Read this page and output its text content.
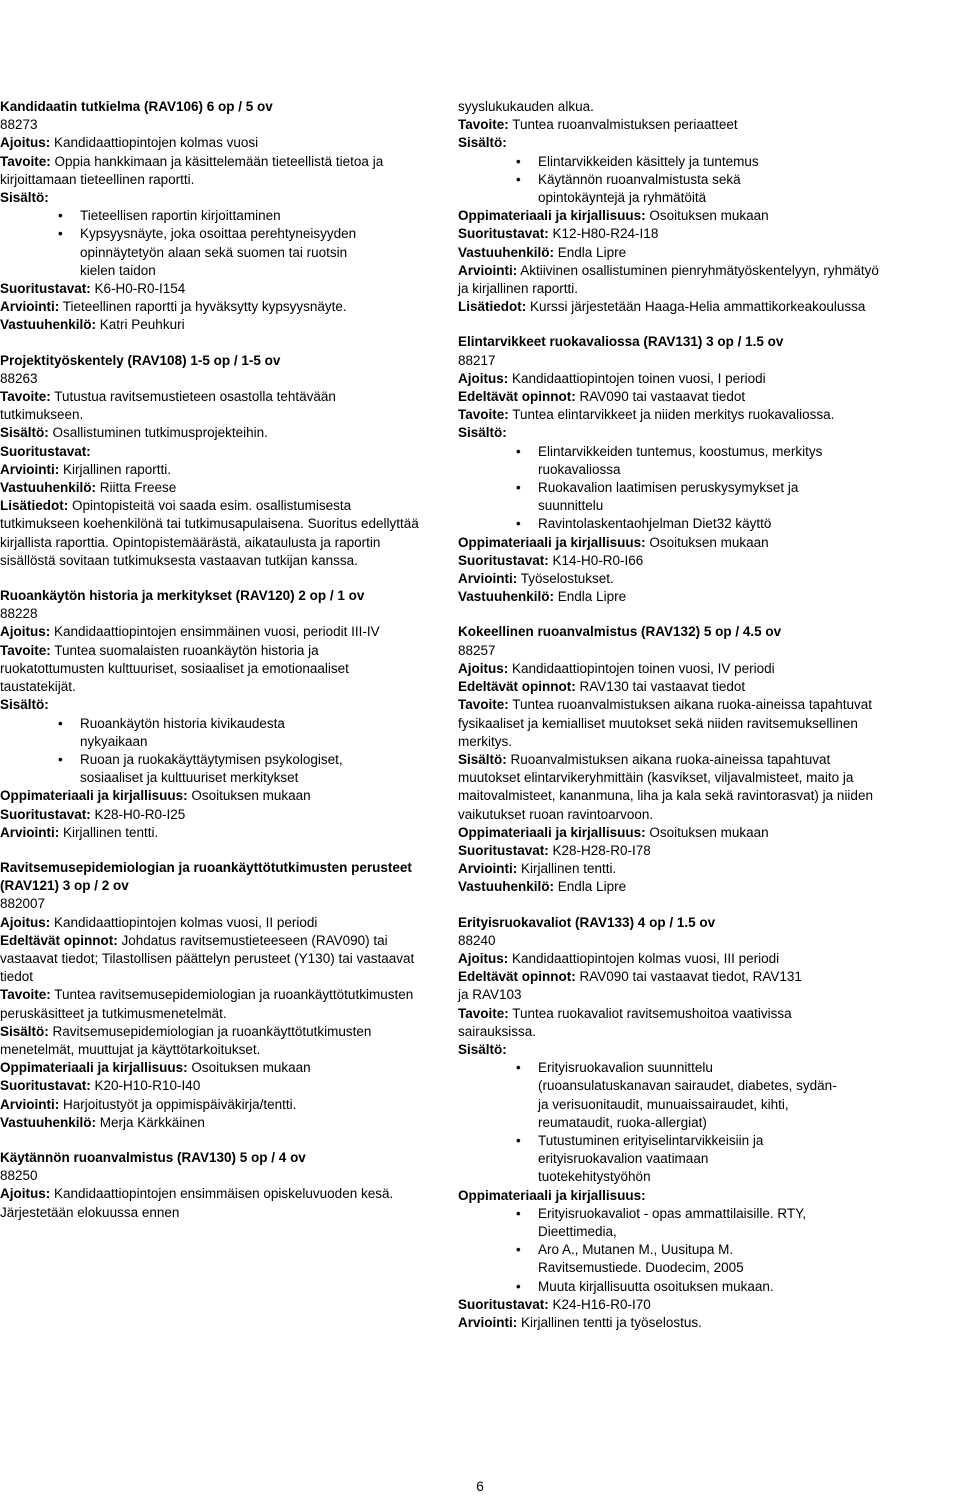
MM,Opinto-opas 2010-2011
Ravitsemustiede

Kandidaatin tutkielma (RAV106) 6 op / 5 ov

88273

Ajoitus: Kandidaattiopintojen kolmas vuosi

Tavoite: Oppia hankkimaan ja käsittelemään tieteellistä tietoa ja kirjoittamaan tieteellinen raportti.

Sisältö:

• Tieteellisen raportin kirjoittaminen
• Kypsyysnäyte, joka osoittaa perehtyneisyyden opinnäytetyön alaan sekä suomen tai ruotsin kielen taidon

Suoritustavat: K6-H0-R0-I154

Arviointi: Tieteellinen raportti ja hyväksytty kypsyysnäyte.

Vastuuhenkilö: Katri Peuhkuri

Projektityöskentely (RAV108) 1-5 op / 1-5 ov

88263

Tavoite: Tutustua ravitsemustieteen osastolla tehtävään tutkimukseen.

Sisältö: Osallistuminen tutkimusprojekteihin.

Suoritustavat:

Arviointi: Kirjallinen raportti.

Vastuuhenkilö: Riitta Freese

Lisätiedot: Opintopisteitä voi saada esim. osallistumisesta tutkimukseen koehenkilönä tai tutkimusapulaisena. Suoritus edellyttää kirjallista raporttia. Opintopistemäärästä, aikataulusta ja raportin sisällöstä sovitaan tutkimuksesta vastaavan tutkijan kanssa.

Ruoankäytön historia ja merkitykset (RAV120) 2 op / 1 ov

88228

Ajoitus: Kandidaattiopintojen ensimmäinen vuosi, periodit III-IV

Tavoite: Tuntea suomalaisten ruoankäytön historia ja ruokatottumusten kulttuuriset, sosiaaliset ja emotionaaliset taustatekijät.

Sisältö:

• Ruoankäytön historia kivikaudesta nykyaikaan
• Ruoan ja ruokakäyttäytymisen psykologiset, sosiaaliset ja kulttuuriset merkitykset

Oppimateriaali ja kirjallisuus: Osoituksen mukaan

Suoritustavat: K28-H0-R0-I25

Arviointi: Kirjallinen tentti.

Ravitsemusepidemiologian ja ruoankäyttötutkimusten perusteet (RAV121) 3 op / 2 ov

882007

Ajoitus: Kandidaattiopintojen kolmas vuosi, II periodi

Edeltävät opinnot: Johdatus ravitsemustieteeseen (RAV090) tai vastaavat tiedot; Tilastollisen päättelyn perusteet (Y130) tai vastaavat tiedot

Tavoite: Tuntea ravitsemusepidemiologian ja ruoankäyttötutkimusten peruskäsitteet ja tutkimusmenetelmät.

Sisältö: Ravitsemusepidemiologian ja ruoankäyttötutkimusten menetelmät, muuttujat ja käyttötarkoitukset.

Oppimateriaali ja kirjallisuus: Osoituksen mukaan

Suoritustavat: K20-H10-R10-I40

Arviointi: Harjoitustyöt ja oppimispäiväkirja/tentti.

Vastuuhenkilö: Merja Kärkkäinen

Käytännön ruoanvalmistus (RAV130) 5 op / 4 ov

88250

Ajoitus: Kandidaattiopintojen ensimmäisen opiskeluvuoden kesä. Järjestetään elokuussa ennen

syyslukukauden alkua.

Tavoite: Tuntea ruoanvalmistuksen periaatteet

Sisältö:

• Elintarvikkeiden käsittely ja tuntemus
• Käytännön ruoanvalmistusta sekä opintokäyntejä ja ryhmätöitä

Oppimateriaali ja kirjallisuus: Osoituksen mukaan

Suoritustavat: K12-H80-R24-I18

Vastuuhenkilö: Endla Lipre

Arviointi: Aktiivinen osallistuminen pienryhmätyöskentelyyn, ryhmätyö ja kirjallinen raportti.

Lisätiedot: Kurssi järjestetään Haaga-Helia ammattikorkeakoulussa

Elintarvikkeet ruokavaliossa (RAV131) 3 op / 1.5 ov

88217

Ajoitus: Kandidaattiopintojen toinen vuosi, I periodi

Edeltävät opinnot: RAV090 tai vastaavat tiedot

Tavoite: Tuntea elintarvikkeet ja niiden merkitys ruokavaliossa.

Sisältö:

• Elintarvikkeiden tuntemus, koostumus, merkitys ruokavaliossa
• Ruokavalion laatimisen peruskysymykset ja suunnittelu
• Ravintolaskentaohjelman Diet32 käyttö

Oppimateriaali ja kirjallisuus: Osoituksen mukaan

Suoritustavat: K14-H0-R0-I66

Arviointi: Työselostukset.

Vastuuhenkilö: Endla Lipre

Kokeellinen ruoanvalmistus (RAV132) 5 op / 4.5 ov

88257

Ajoitus: Kandidaattiopintojen toinen vuosi, IV periodi

Edeltävät opinnot: RAV130 tai vastaavat tiedot

Tavoite: Tuntea ruoanvalmistuksen aikana ruoka-aineissa tapahtuvat fysikaaliset ja kemialliset muutokset sekä niiden ravitsemuksellinen merkitys.

Sisältö: Ruoanvalmistuksen aikana ruoka-aineissa tapahtuvat muutokset elintarvikeryhmittäin (kasvikset, viljavalmisteet, maito ja maitovalmisteet, kananmuna, liha ja kala sekä ravintorasvat) ja niiden vaikutukset ruoan ravintoarvoon.

Oppimateriaali ja kirjallisuus: Osoituksen mukaan

Suoritustavat: K28-H28-R0-I78

Arviointi: Kirjallinen tentti.

Vastuuhenkilö: Endla Lipre

Erityisruokavaliot (RAV133) 4 op / 1.5 ov

88240

Ajoitus: Kandidaattiopintojen kolmas vuosi, III periodi

Edeltävät opinnot: RAV090 tai vastaavat tiedot, RAV131 ja RAV103

Tavoite: Tuntea ruokavaliot ravitsemushoitoa vaativissa sairauksissa.

Sisältö:

• Erityisruokavalion suunnittelu (ruoansulatuskanavan sairaudet, diabetes, sydän- ja verisuonitaudit, munuaissairaudet, kihti, reumataudit, ruoka-allergiat)
• Tutustuminen erityiselintarvikkeisiin ja erityisruokavalion vaatimaan tuotekehitystyöhön

Oppimateriaali ja kirjallisuus:

• Erityisruokavaliot - opas ammattilaisille. RTY, Dieettimedia,
• Aro A., Mutanen M., Uusitupa M. Ravitsemustiede. Duodecim, 2005
• Muuta kirjallisuutta osoituksen mukaan.

Suoritustavat: K24-H16-R0-I70

Arviointi: Kirjallinen tentti ja työselostus.

6
